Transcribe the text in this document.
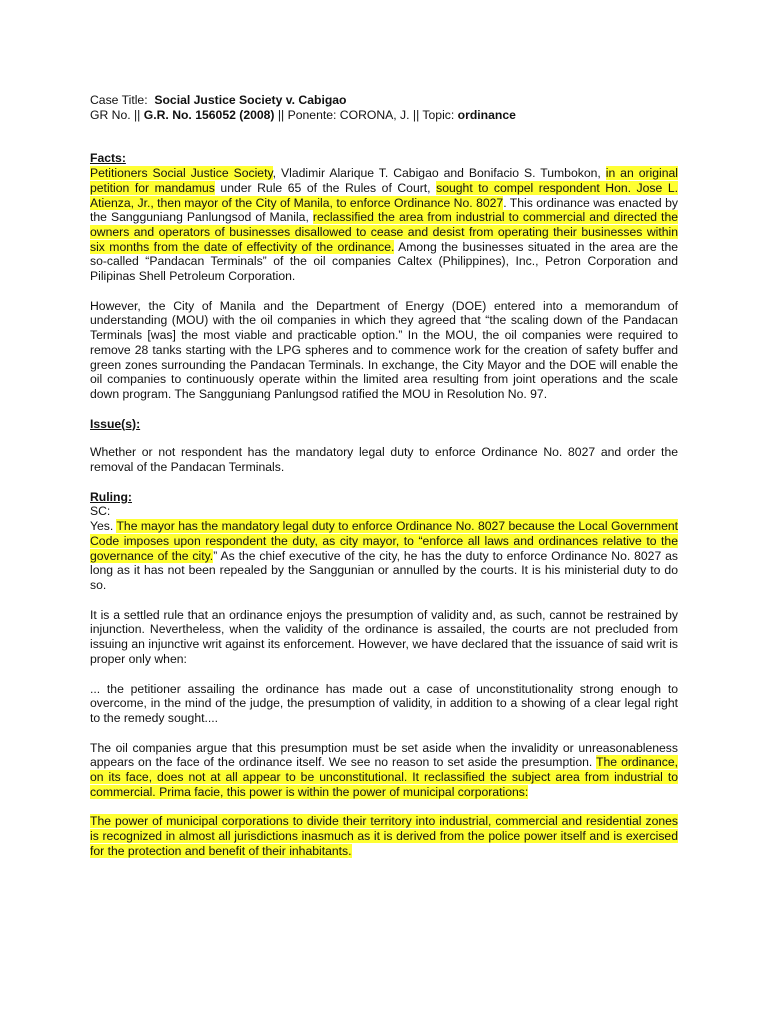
Case Title: Social Justice Society v. Cabigao

GR No. || G.R. No. 156052 (2008) || Ponente: CORONA, J. || Topic: ordinance

Facts:

Petitioners Social Justice Society, Vladimir Alarique T. Cabigao and Bonifacio S. Tumbokon, in an original petition for mandamus under Rule 65 of the Rules of Court, sought to compel respondent Hon. Jose L. Atienza, Jr., then mayor of the City of Manila, to enforce Ordinance No. 8027. This ordinance was enacted by the Sangguniang Panlungsod of Manila, reclassified the area from industrial to commercial and directed the owners and operators of businesses disallowed to cease and desist from operating their businesses within six months from the date of effectivity of the ordinance. Among the businesses situated in the area are the so-called “Pandacan Terminals” of the oil companies Caltex (Philippines), Inc., Petron Corporation and Pilipinas Shell Petroleum Corporation.

However, the City of Manila and the Department of Energy (DOE) entered into a memorandum of understanding (MOU) with the oil companies in which they agreed that “the scaling down of the Pandacan Terminals [was] the most viable and practicable option.” In the MOU, the oil companies were required to remove 28 tanks starting with the LPG spheres and to commence work for the creation of safety buffer and green zones surrounding the Pandacan Terminals. In exchange, the City Mayor and the DOE will enable the oil companies to continuously operate within the limited area resulting from joint operations and the scale down program. The Sangguniang Panlungsod ratified the MOU in Resolution No. 97.

Issue(s):

Whether or not respondent has the mandatory legal duty to enforce Ordinance No. 8027 and order the removal of the Pandacan Terminals.

Ruling:

SC:

Yes. The mayor has the mandatory legal duty to enforce Ordinance No. 8027 because the Local Government Code imposes upon respondent the duty, as city mayor, to “enforce all laws and ordinances relative to the governance of the city.” As the chief executive of the city, he has the duty to enforce Ordinance No. 8027 as long as it has not been repealed by the Sanggunian or annulled by the courts. It is his ministerial duty to do so.

It is a settled rule that an ordinance enjoys the presumption of validity and, as such, cannot be restrained by injunction. Nevertheless, when the validity of the ordinance is assailed, the courts are not precluded from issuing an injunctive writ against its enforcement. However, we have declared that the issuance of said writ is proper only when:

... the petitioner assailing the ordinance has made out a case of unconstitutionality strong enough to overcome, in the mind of the judge, the presumption of validity, in addition to a showing of a clear legal right to the remedy sought....

The oil companies argue that this presumption must be set aside when the invalidity or unreasonableness appears on the face of the ordinance itself. We see no reason to set aside the presumption. The ordinance, on its face, does not at all appear to be unconstitutional. It reclassified the subject area from industrial to commercial. Prima facie, this power is within the power of municipal corporations:

The power of municipal corporations to divide their territory into industrial, commercial and residential zones is recognized in almost all jurisdictions inasmuch as it is derived from the police power itself and is exercised for the protection and benefit of their inhabitants.
